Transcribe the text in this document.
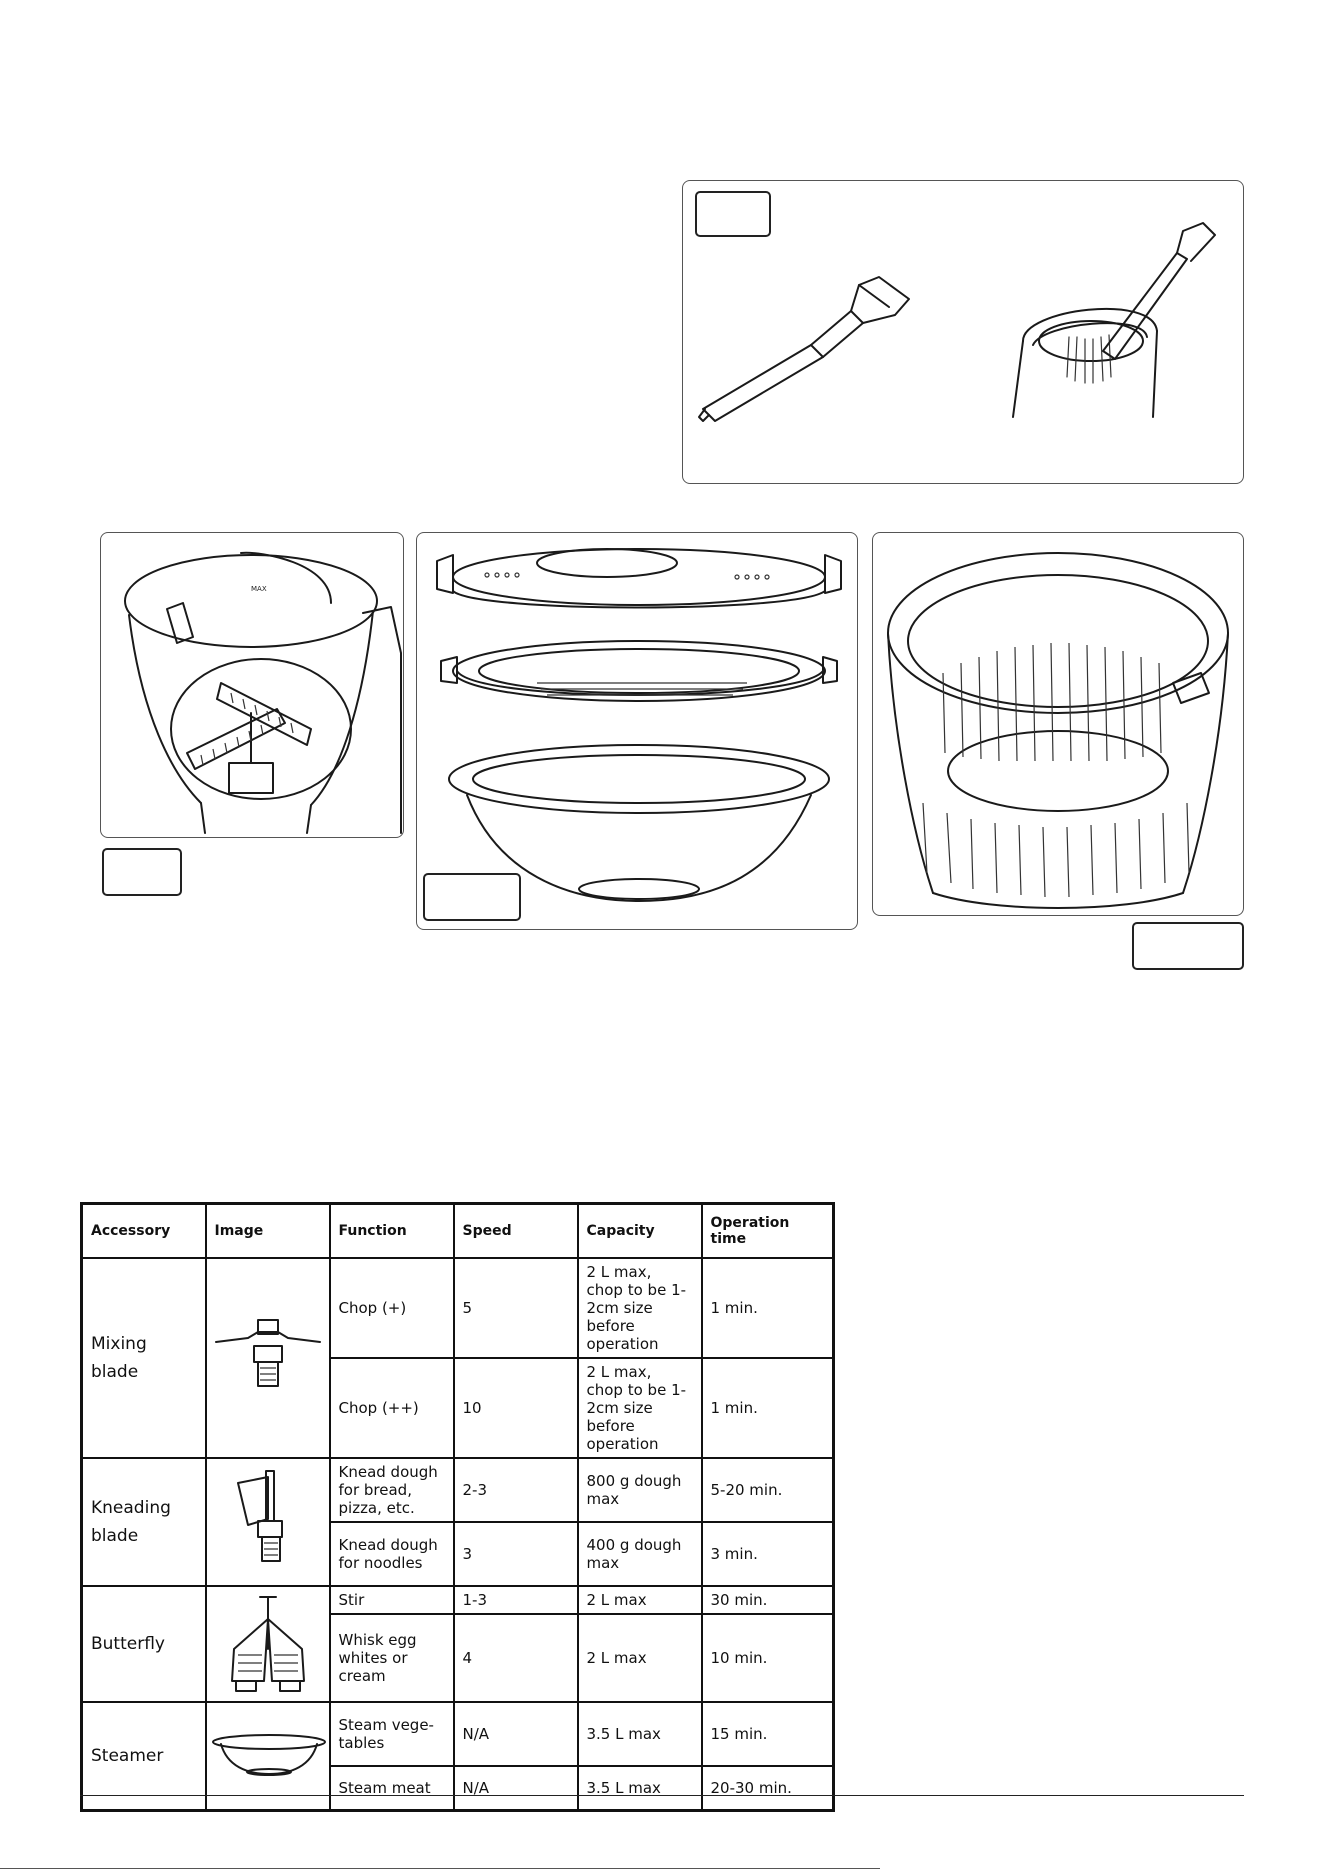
MAX
Accessory	Image	Function	Speed	Capacity	Operation time
Mixing blade		Chop (+)	5	2 L max, chop to be 1-2cm size before operation	1 min.
		Chop (++)	10	2 L max, chop to be 1-2cm size before operation	1 min.
Kneading blade		Knead dough for bread, pizza, etc.	2-3	800 g dough max	5-20 min.
		Knead dough for noodles	3	400 g dough max	3 min.
Butterfly		Stir	1-3	2 L max	30 min.
		Whisk egg whites or cream	4	2 L max	10 min.
Steamer		Steam vege-tables	N/A	3.5 L max	15 min.
		Steam meat	N/A	3.5 L max	20-30 min.
